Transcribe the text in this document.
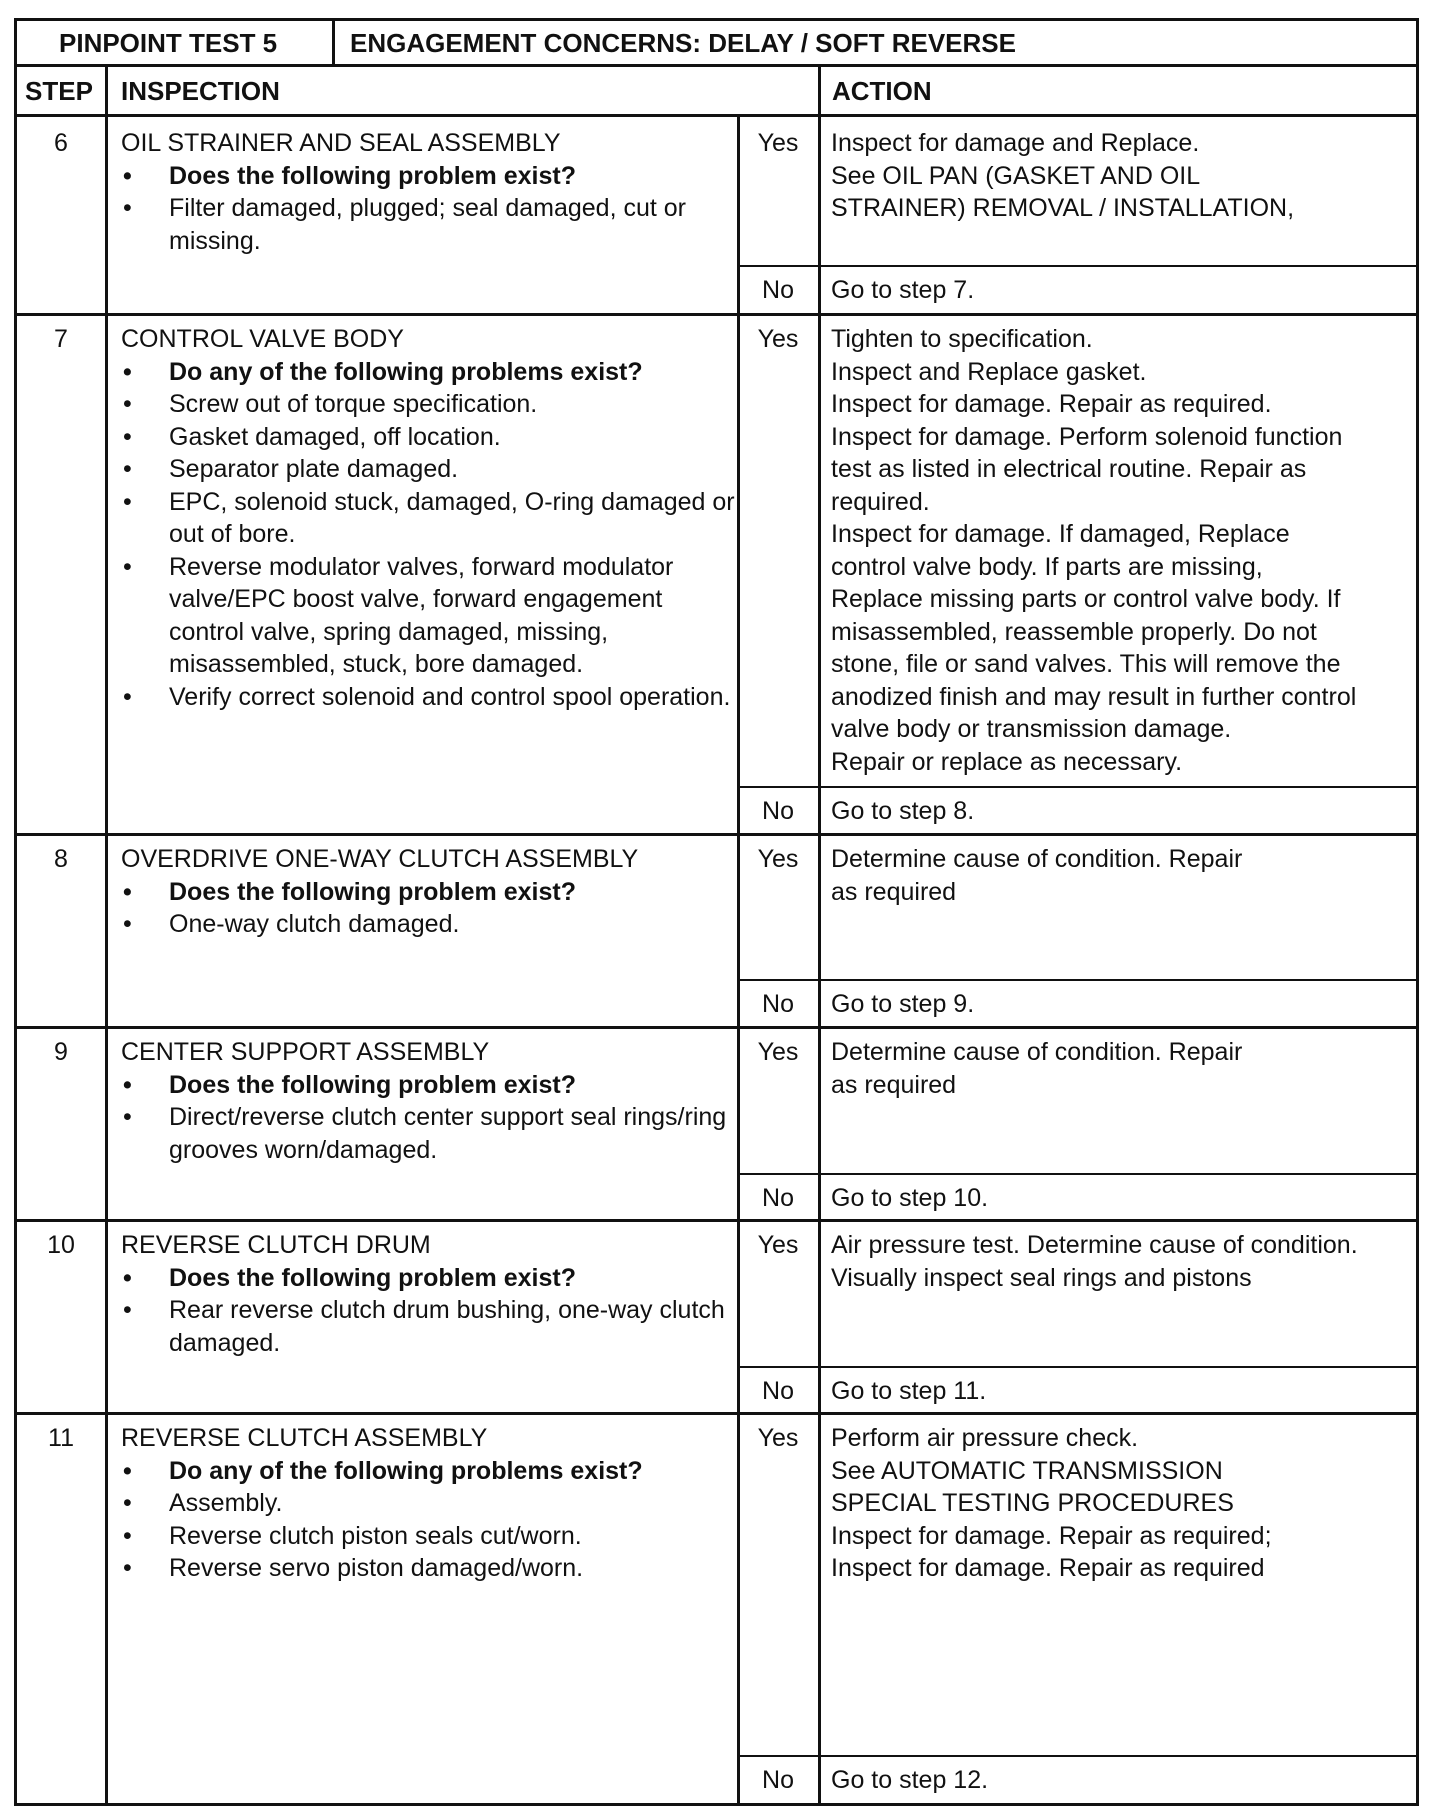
PINPOINT TEST 5	ENGAGEMENT CONCERNS: DELAY / SOFT REVERSE
STEP INSPECTION	ACTION
6	OIL STRAINER AND SEAL ASSEMBLY
• Does the following problem exist?
• Filter damaged, plugged; seal damaged, cut or missing.
Yes	Inspect for damage and Replace.
See OIL PAN (GASKET AND OIL
STRAINER) REMOVAL / INSTALLATION,
No	Go to step 7.
7	CONTROL VALVE BODY
• Do any of the following problems exist?
• Screw out of torque specification.
• Gasket damaged, off location.
• Separator plate damaged.
• EPC, solenoid stuck, damaged, O-ring damaged or out of bore.
• Reverse modulator valves, forward modulator valve/EPC boost valve, forward engagement control valve, spring damaged, missing, misassembled, stuck, bore damaged.
• Verify correct solenoid and control spool operation.
Yes	Tighten to specification.
Inspect and Replace gasket.
Inspect for damage. Repair as required.
Inspect for damage. Perform solenoid function
test as listed in electrical routine. Repair as
required.
Inspect for damage. If damaged, Replace
control valve body. If parts are missing,
Replace missing parts or control valve body. If
misassembled, reassemble properly. Do not
stone, file or sand valves. This will remove the
anodized finish and may result in further control
valve body or transmission damage.
Repair or replace as necessary.
No	Go to step 8.
8	OVERDRIVE ONE-WAY CLUTCH ASSEMBLY
• Does the following problem exist?
• One-way clutch damaged.
Yes	Determine cause of condition. Repair
as required
No	Go to step 9.
9	CENTER SUPPORT ASSEMBLY
• Does the following problem exist?
• Direct/reverse clutch center support seal rings/ring grooves worn/damaged.
Yes	Determine cause of condition. Repair
as required
No	Go to step 10.
10	REVERSE CLUTCH DRUM
• Does the following problem exist?
• Rear reverse clutch drum bushing, one-way clutch damaged.
Yes	Air pressure test. Determine cause of condition.
Visually inspect seal rings and pistons
No	Go to step 11.
11	REVERSE CLUTCH ASSEMBLY
• Do any of the following problems exist?
• Assembly.
• Reverse clutch piston seals cut/worn.
• Reverse servo piston damaged/worn.
Yes	Perform air pressure check.
See AUTOMATIC TRANSMISSION
SPECIAL TESTING PROCEDURES
Inspect for damage. Repair as required;
Inspect for damage. Repair as required
No	Go to step 12.
